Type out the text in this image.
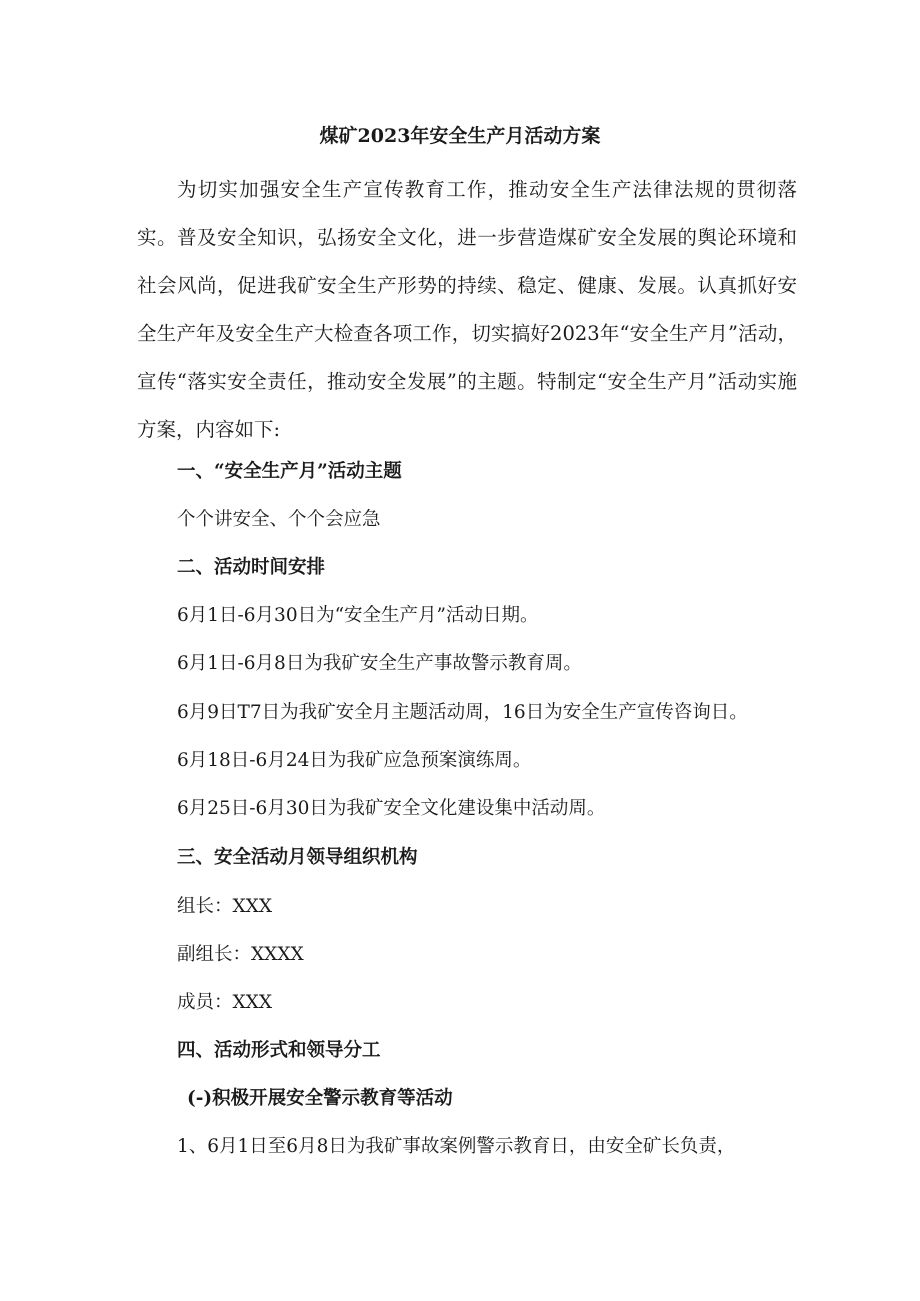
煤矿2023年安全生产月活动方案

为切实加强安全生产宣传教育工作，推动安全生产法律法规的贯彻落实。普及安全知识，弘扬安全文化，进一步营造煤矿安全发展的舆论环境和社会风尚，促进我矿安全生产形势的持续、稳定、健康、发展。认真抓好安全生产年及安全生产大检查各项工作，切实搞好2023年“安全生产月”活动，宣传“落实安全责任，推动安全发展”的主题。特制定“安全生产月”活动实施方案，内容如下:

一、“安全生产月”活动主题
个个讲安全、个个会应急
二、活动时间安排
6月1日-6月30日为“安全生产月”活动日期。
6月1日-6月8日为我矿安全生产事故警示教育周。
6月9日T7日为我矿安全月主题活动周，16日为安全生产宣传咨询日。
6月18日-6月24日为我矿应急预案演练周。
6月25日-6月30日为我矿安全文化建设集中活动周。
三、安全活动月领导组织机构
组长：XXX
副组长：XXXX
成员：XXX
四、活动形式和领导分工
(-)积极开展安全警示教育等活动
1、6月1日至6月8日为我矿事故案例警示教育日，由安全矿长负责，
